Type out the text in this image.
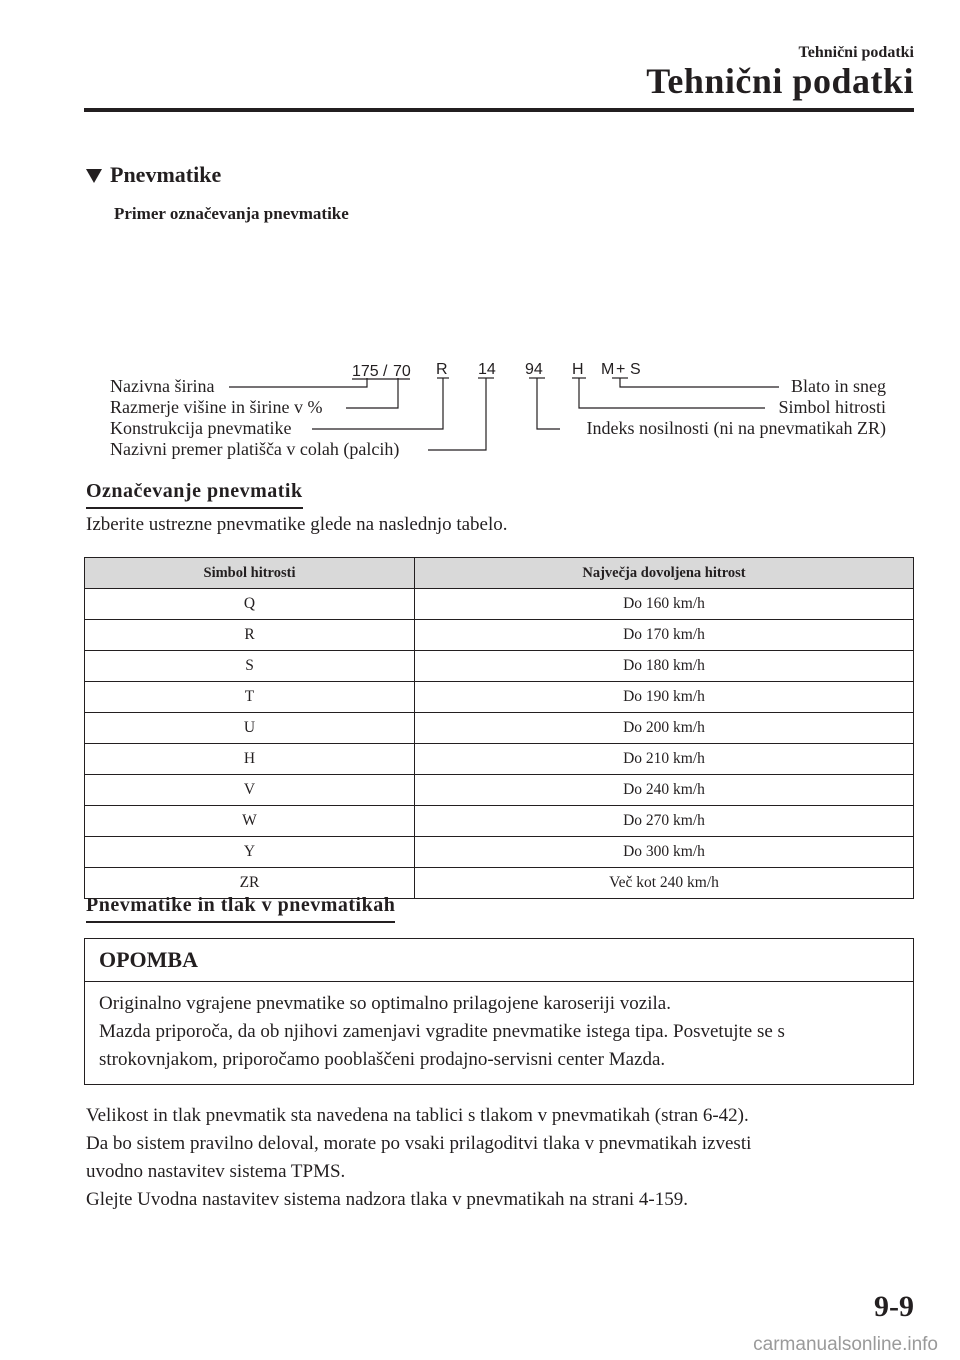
Tehnični podatki
Tehnični podatki
Pnevmatike
Primer označevanja pnevmatike
175 / 70 R 14 94 H M + S
Nazivna širina
Razmerje višine in širine v %
Konstrukcija pnevmatike
Nazivni premer platišča v colah (palcih)
Blato in sneg
Simbol hitrosti
Indeks nosilnosti (ni na pnevmatikah ZR)
Označevanje pnevmatik
Izberite ustrezne pnevmatike glede na naslednjo tabelo.
Simbol hitrosti	Največja dovoljena hitrost
Q	Do 160 km/h
R	Do 170 km/h
S	Do 180 km/h
T	Do 190 km/h
U	Do 200 km/h
H	Do 210 km/h
V	Do 240 km/h
W	Do 270 km/h
Y	Do 300 km/h
ZR	Več kot 240 km/h
Pnevmatike in tlak v pnevmatikah
OPOMBA
Originalno vgrajene pnevmatike so optimalno prilagojene karoseriji vozila.
Mazda priporoča, da ob njihovi zamenjavi vgradite pnevmatike istega tipa. Posvetujte se s
strokovnjakom, priporočamo pooblaščeni prodajno-servisni center Mazda.
Velikost in tlak pnevmatik sta navedena na tablici s tlakom v pnevmatikah (stran 6-42).
Da bo sistem pravilno deloval, morate po vsaki prilagoditvi tlaka v pnevmatikah izvesti
uvodno nastavitev sistema TPMS.
Glejte Uvodna nastavitev sistema nadzora tlaka v pnevmatikah na strani 4-159.
9-9
carmanualsonline.info
